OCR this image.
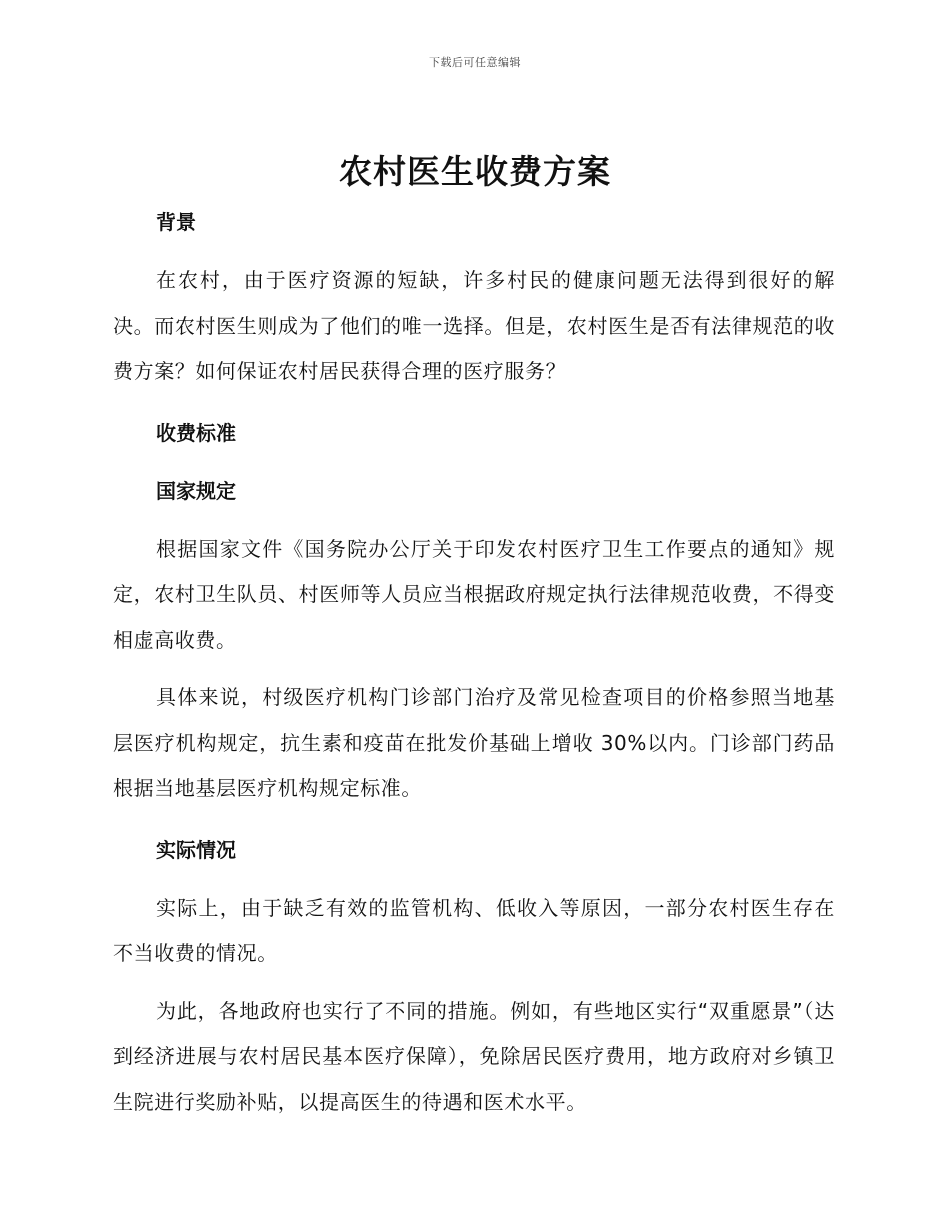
下载后可任意编辑
农村医生收费方案
背景

在农村，由于医疗资源的短缺，许多村民的健康问题无法得到很好的解决。而农村医生则成为了他们的唯一选择。但是，农村医生是否有法律规范的收费方案？如何保证农村居民获得合理的医疗服务？

收费标准
国家规定

根据国家文件《国务院办公厅关于印发农村医疗卫生工作要点的通知》规定，农村卫生队员、村医师等人员应当根据政府规定执行法律规范收费，不得变相虚高收费。

具体来说，村级医疗机构门诊部门治疗及常见检查项目的价格参照当地基层医疗机构规定，抗生素和疫苗在批发价基础上增收 30%以内。门诊部门药品根据当地基层医疗机构规定标准。

实际情况

实际上，由于缺乏有效的监管机构、低收入等原因，一部分农村医生存在不当收费的情况。

为此，各地政府也实行了不同的措施。例如，有些地区实行“双重愿景”（达到经济进展与农村居民基本医疗保障），免除居民医疗费用，地方政府对乡镇卫生院进行奖励补贴，以提高医生的待遇和医术水平。
